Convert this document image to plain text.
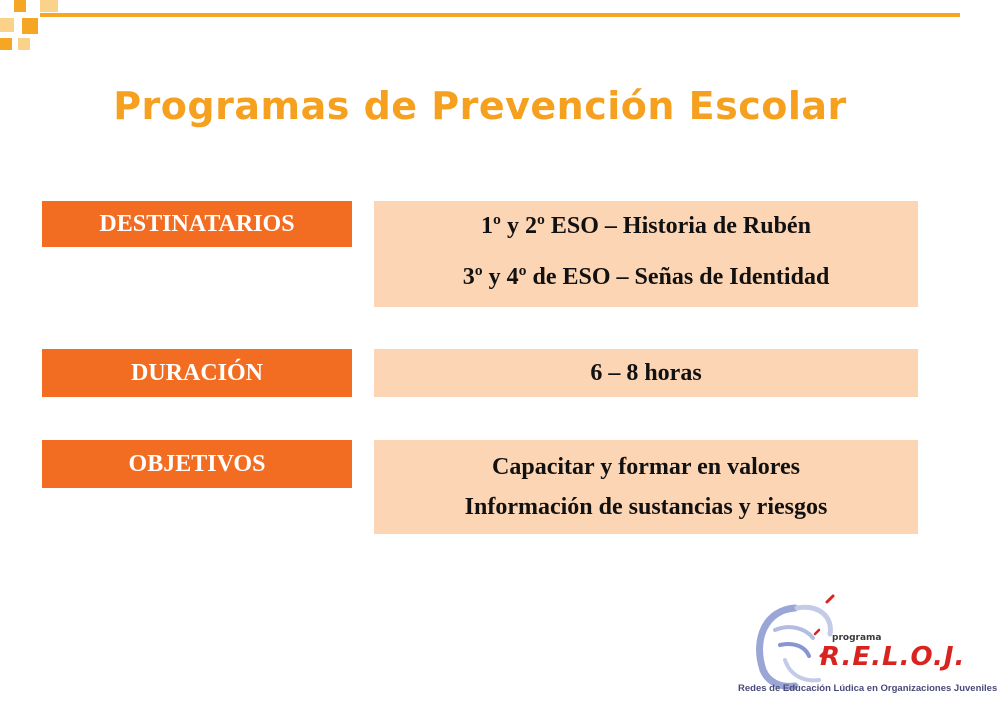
Programas de Prevención Escolar
DESTINATARIOS	1º y 2º ESO – Historia de Rubén
3º y 4º de ESO – Señas de Identidad
DURACIÓN	6 – 8 horas
OBJETIVOS	Capacitar y formar en valores
Información de sustancias y riesgos
programa
R.E.L.O.J.
Redes de Educación Lúdica en Organizaciones Juveniles
